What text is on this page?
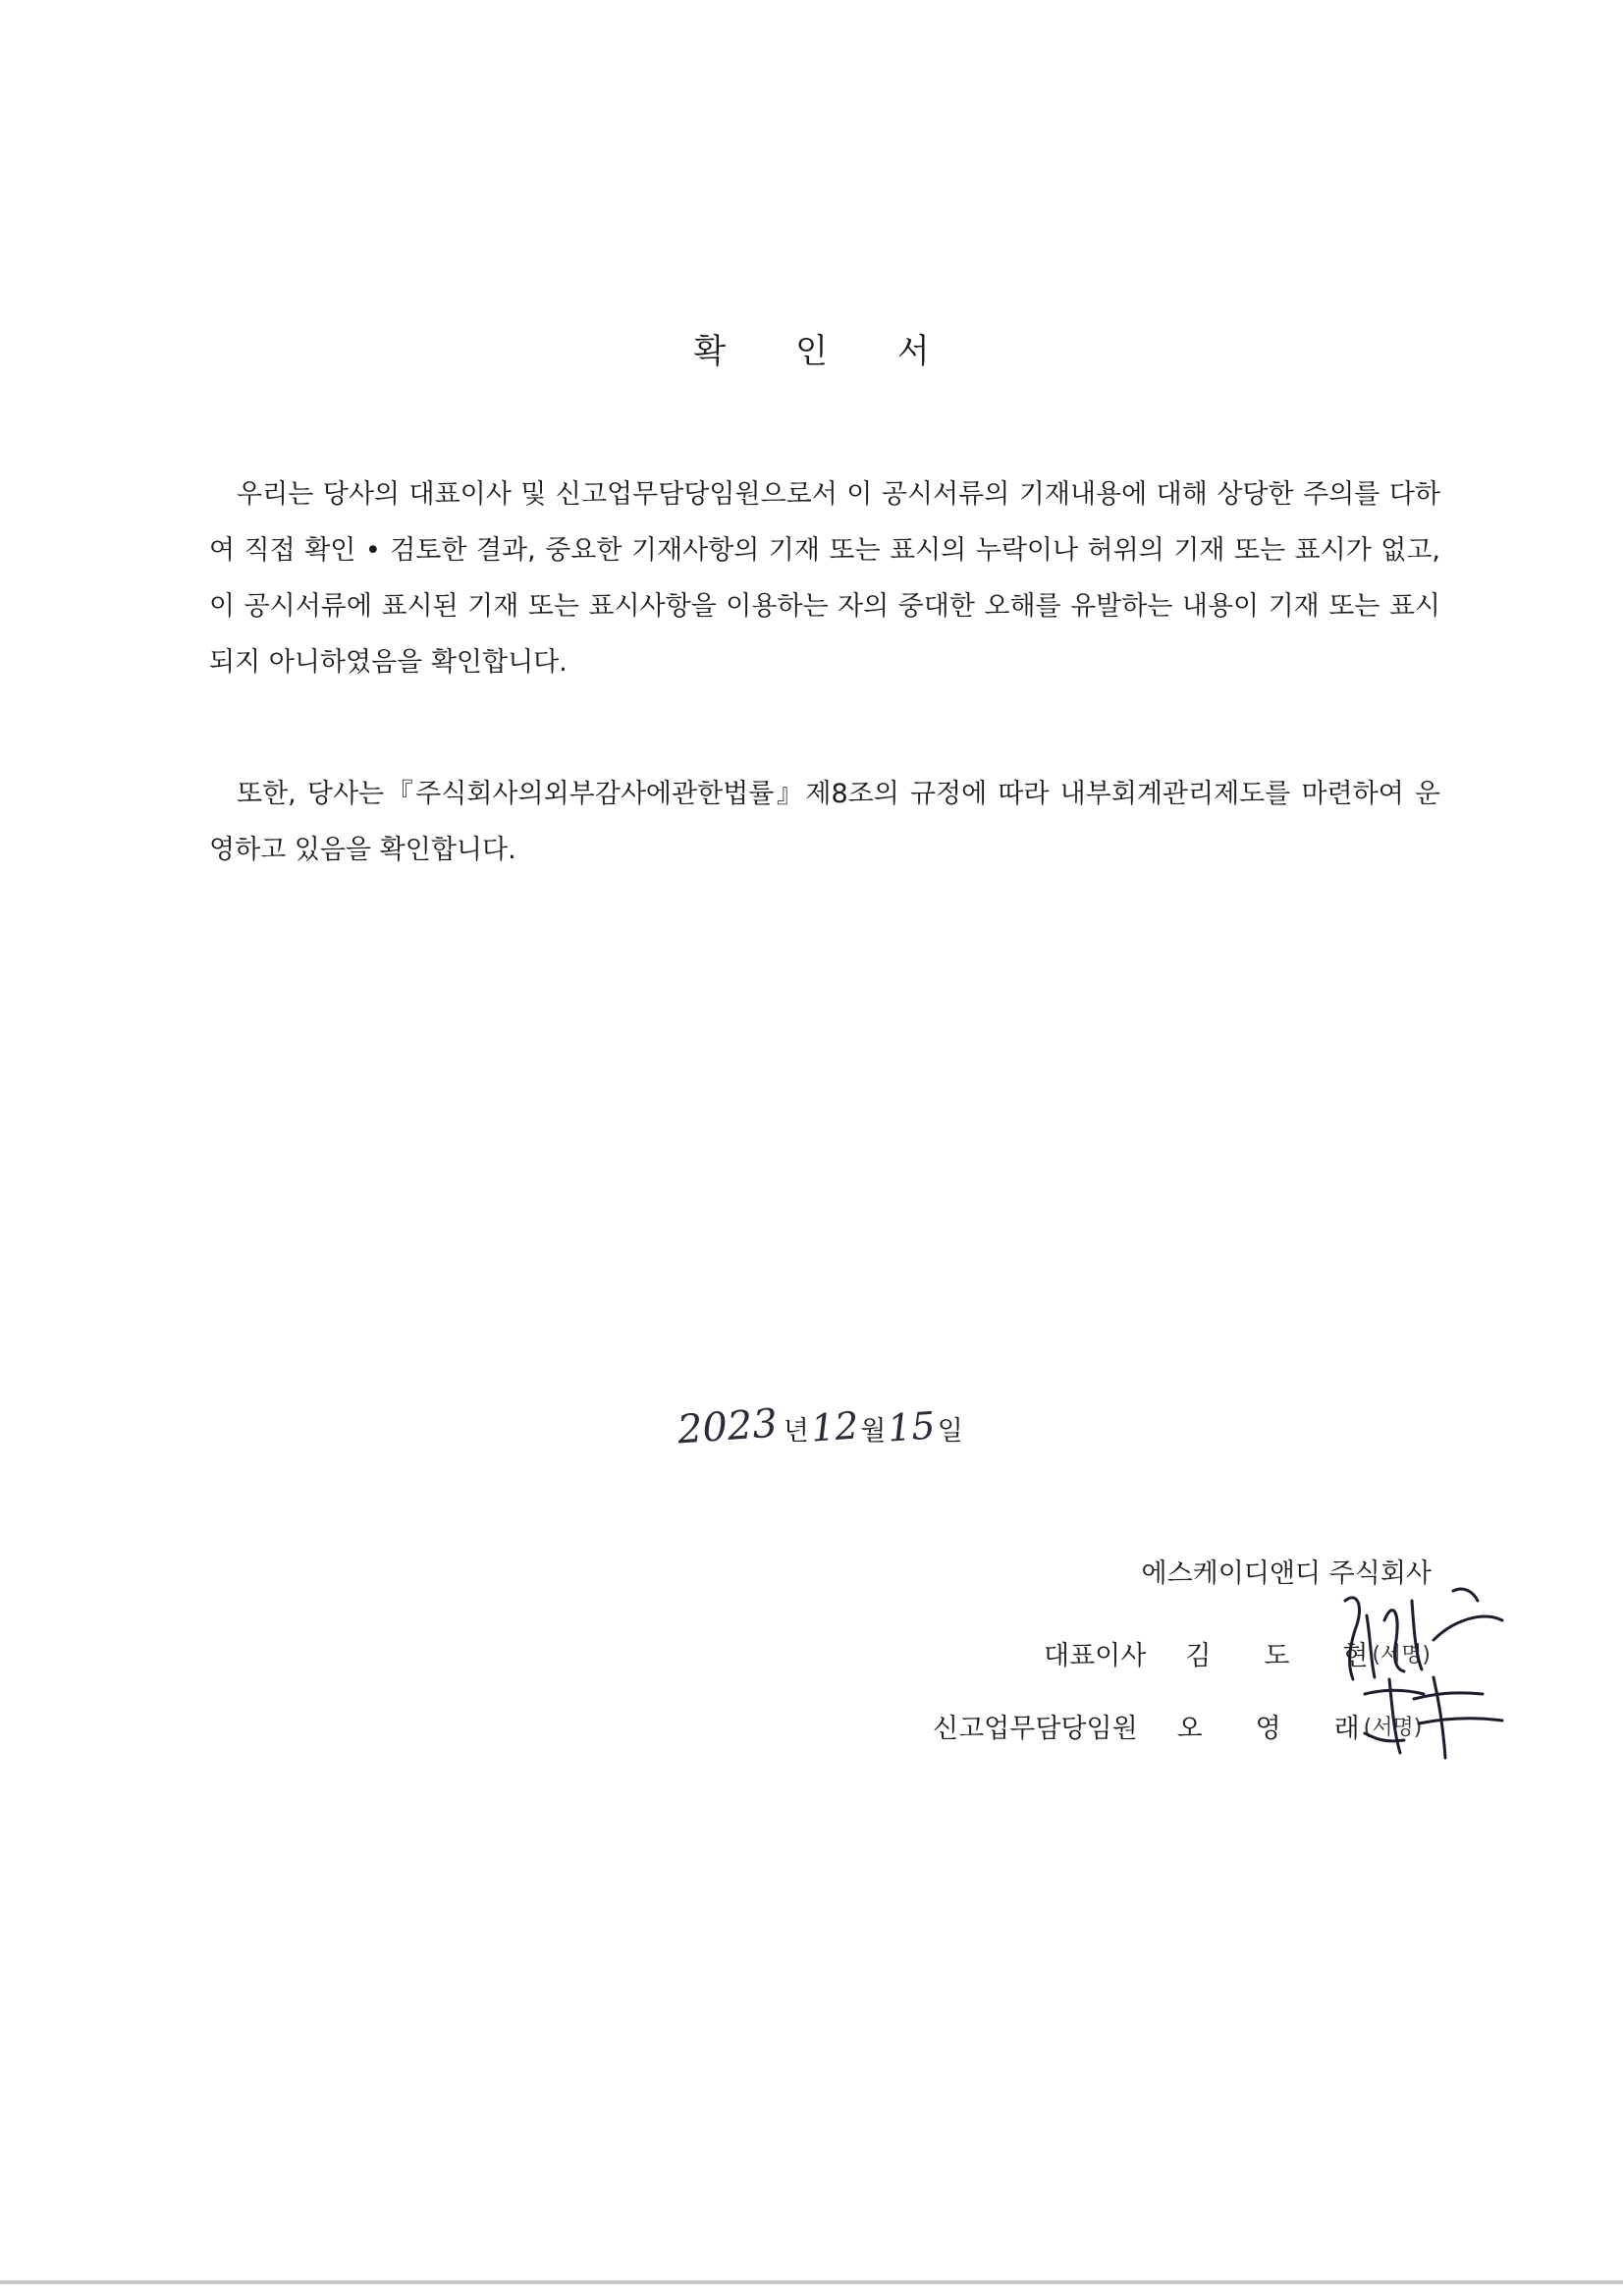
확 인 서

우리는 당사의 대표이사 및 신고업무담당임원으로서 이 공시서류의 기재내용에 대해 상당한 주의를 다하여 직접 확인 • 검토한 결과, 중요한 기재사항의 기재 또는 표시의 누락이나 허위의 기재 또는 표시가 없고, 이 공시서류에 표시된 기재 또는 표시사항을 이용하는 자의 중대한 오해를 유발하는 내용이 기재 또는 표시되지 아니하였음을 확인합니다.

또한, 당사는『주식회사의외부감사에관한법률』제8조의 규정에 따라 내부회계관리제도를 마련하여 운영하고 있음을 확인합니다.

2023 년 12 월 15 일
에스케이디앤디 주식회사
대표이사 김 도 현 (서명)
신고업무담당임원 오 영 래 (서명)
